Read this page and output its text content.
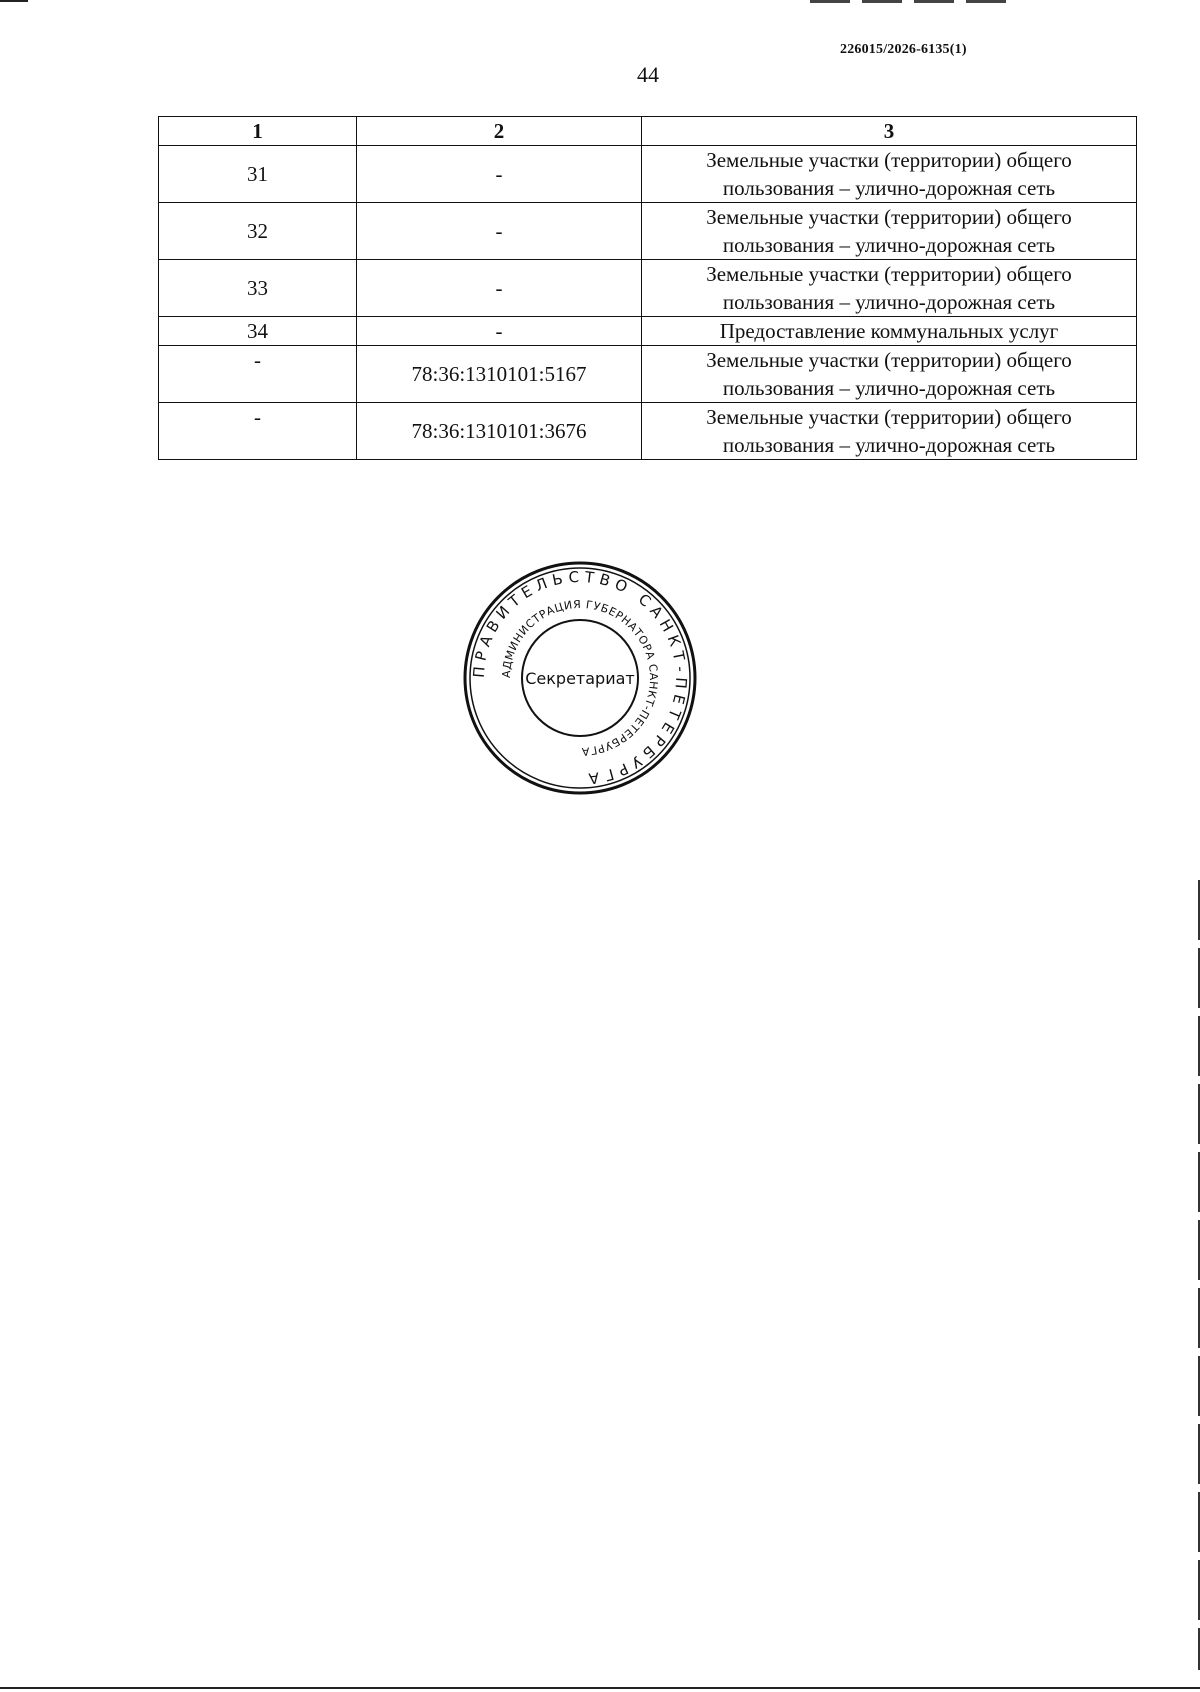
226015/2026-6135(1)
44
1	2	3
31	-	Земельные участки (территории) общего
пользования – улично-дорожная сеть

32	-	Земельные участки (территории) общего
пользования – улично-дорожная сеть

33	-	Земельные участки (территории) общего
пользования – улично-дорожная сеть

34	-	Предоставление коммунальных услуг
-	78:36:1310101:5167	Земельные участки (территории) общего
пользования – улично-дорожная сеть

-	78:36:1310101:3676	Земельные участки (территории) общего
пользования – улично-дорожная сеть
ПРАВИТЕЛЬСТВО САНКТ-ПЕТЕРБУРГА
АДМИНИСТРАЦИЯ ГУБЕРНАТОРА САНКТ-ПЕТЕРБУРГА
Секретариат
